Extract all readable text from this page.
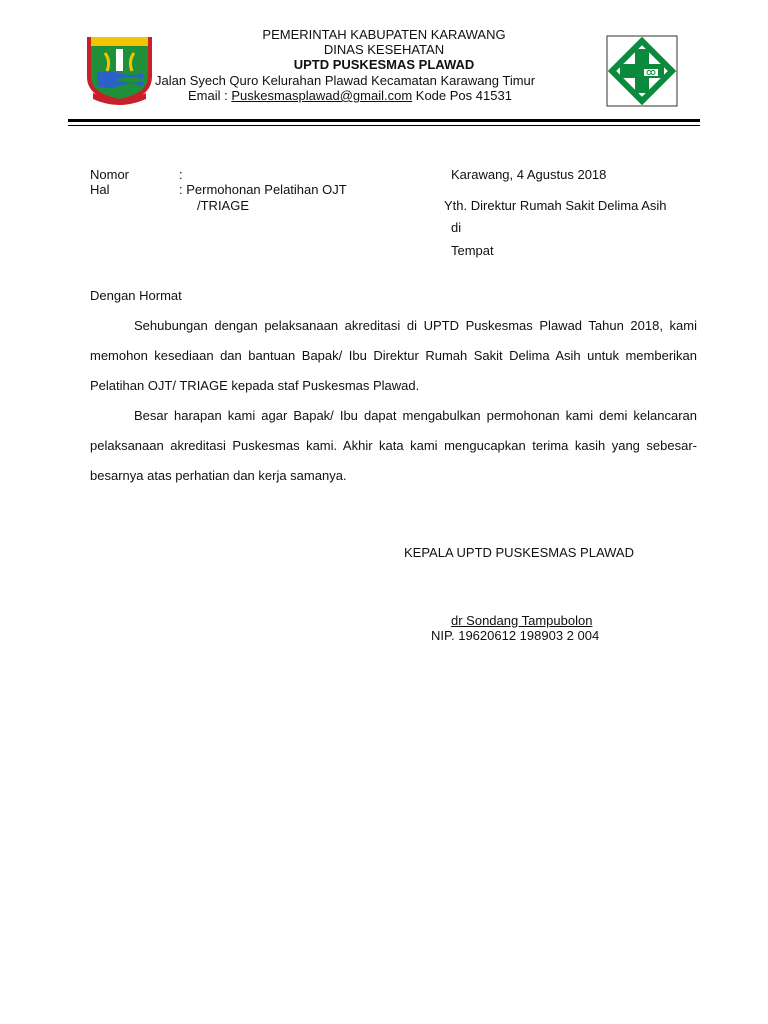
PEMERINTAH KABUPATEN KARAWANG
DINAS KESEHATAN
UPTD PUSKESMAS PLAWAD
Jalan Syech Quro Kelurahan Plawad Kecamatan Karawang Timur
Email : Puskesmasplawad@gmail.com Kode Pos 41531
Nomor	:
Hal	: Permohonan Pelatihan OJT
/TRIAGE
Karawang, 4 Agustus 2018
Yth. Direktur Rumah Sakit Delima Asih
di
Tempat
Dengan Hormat

Sehubungan dengan pelaksanaan akreditasi di UPTD Puskesmas Plawad Tahun 2018, kami memohon kesediaan dan bantuan Bapak/ Ibu Direktur Rumah Sakit Delima Asih untuk memberikan Pelatihan OJT/ TRIAGE kepada staf Puskesmas Plawad.

Besar harapan kami agar Bapak/ Ibu dapat mengabulkan permohonan kami demi kelancaran pelaksanaan akreditasi Puskesmas kami. Akhir kata kami mengucapkan terima kasih yang sebesar-besarnya atas perhatian dan kerja samanya.

KEPALA UPTD PUSKESMAS PLAWAD
dr Sondang Tampubolon
NIP. 19620612 198903 2 004
